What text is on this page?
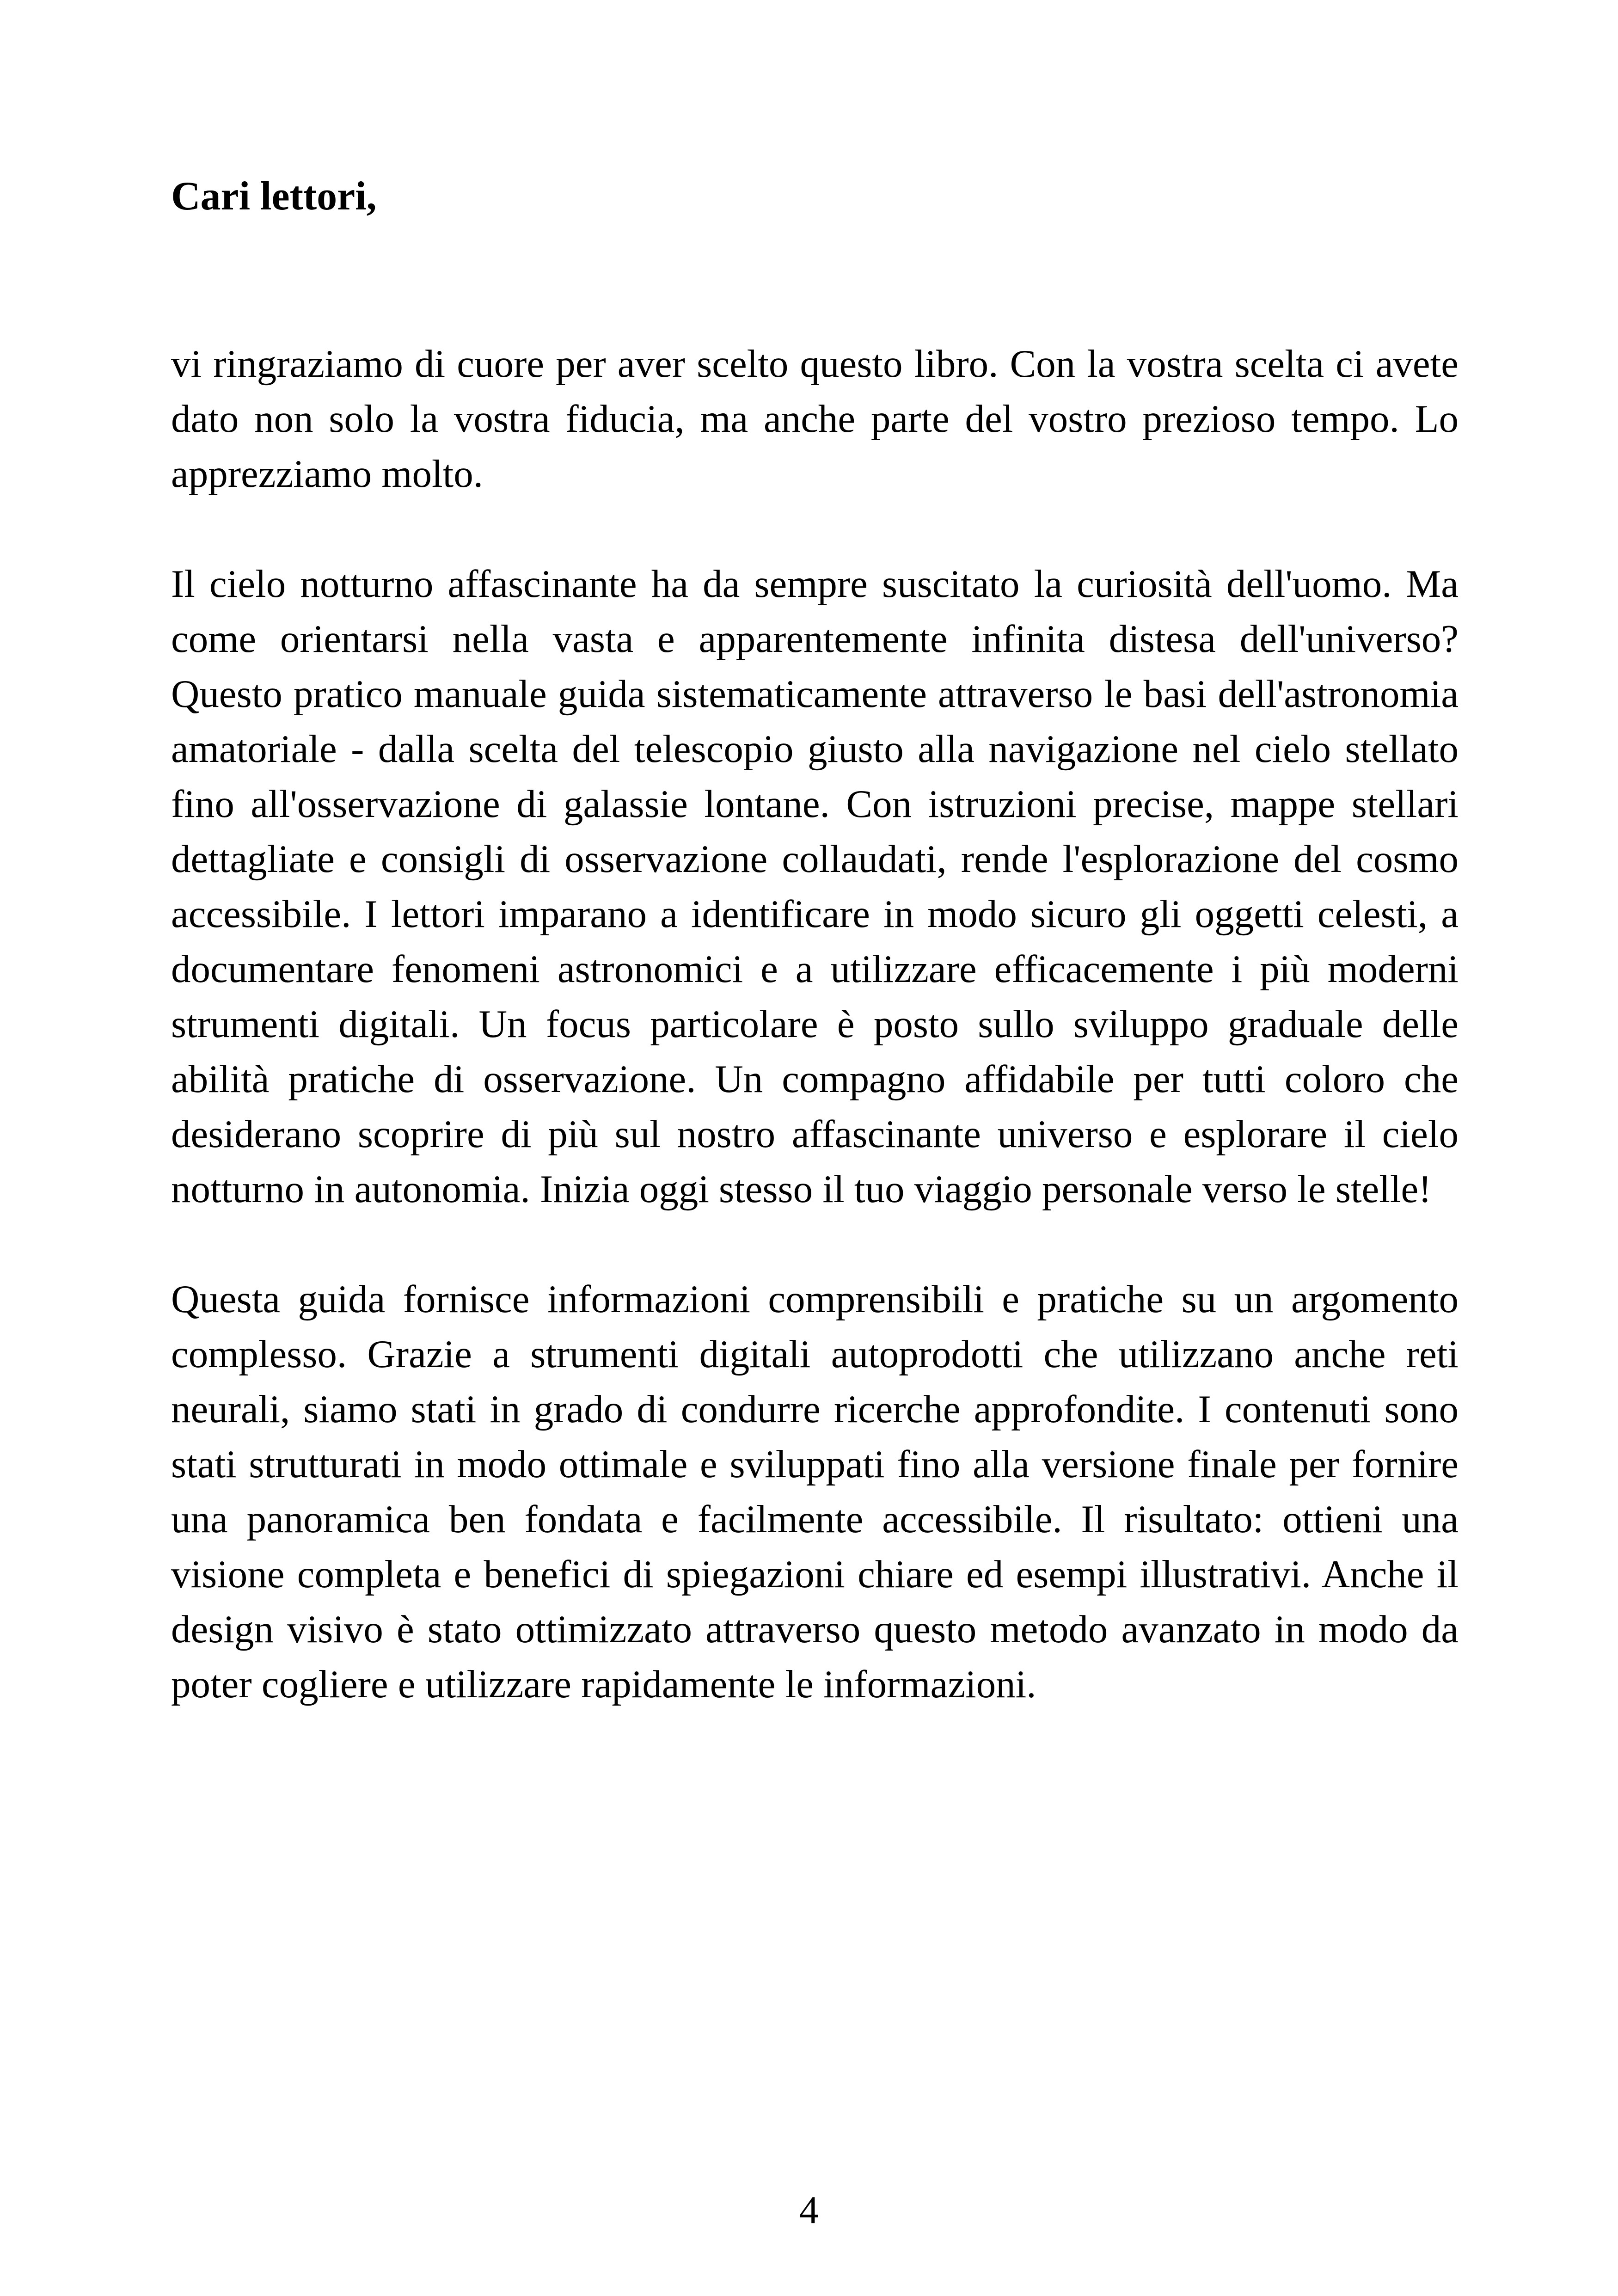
Cari lettori,

vi ringraziamo di cuore per aver scelto questo libro. Con la vostra scelta ci avete dato non solo la vostra fiducia, ma anche parte del vostro prezioso tempo. Lo apprezziamo molto.

Il cielo notturno affascinante ha da sempre suscitato la curiosità dell'uomo. Ma come orientarsi nella vasta e apparentemente infinita distesa dell'universo? Questo pratico manuale guida sistematicamente attraverso le basi dell'astronomia amatoriale - dalla scelta del telescopio giusto alla navigazione nel cielo stellato fino all'osservazione di galassie lontane. Con istruzioni precise, mappe stellari dettagliate e consigli di osservazione collaudati, rende l'esplorazione del cosmo accessibile. I lettori imparano a identificare in modo sicuro gli oggetti celesti, a documentare fenomeni astronomici e a utilizzare efficacemente i più moderni strumenti digitali. Un focus particolare è posto sullo sviluppo graduale delle abilità pratiche di osservazione. Un compagno affidabile per tutti coloro che desiderano scoprire di più sul nostro affascinante universo e esplorare il cielo notturno in autonomia. Inizia oggi stesso il tuo viaggio personale verso le stelle!

Questa guida fornisce informazioni comprensibili e pratiche su un argomento complesso. Grazie a strumenti digitali autoprodotti che utilizzano anche reti neurali, siamo stati in grado di condurre ricerche approfondite. I contenuti sono stati strutturati in modo ottimale e sviluppati fino alla versione finale per fornire una panoramica ben fondata e facilmente accessibile. Il risultato: ottieni una visione completa e benefici di spiegazioni chiare ed esempi illustrativi. Anche il design visivo è stato ottimizzato attraverso questo metodo avanzato in modo da poter cogliere e utilizzare rapidamente le informazioni.

4
